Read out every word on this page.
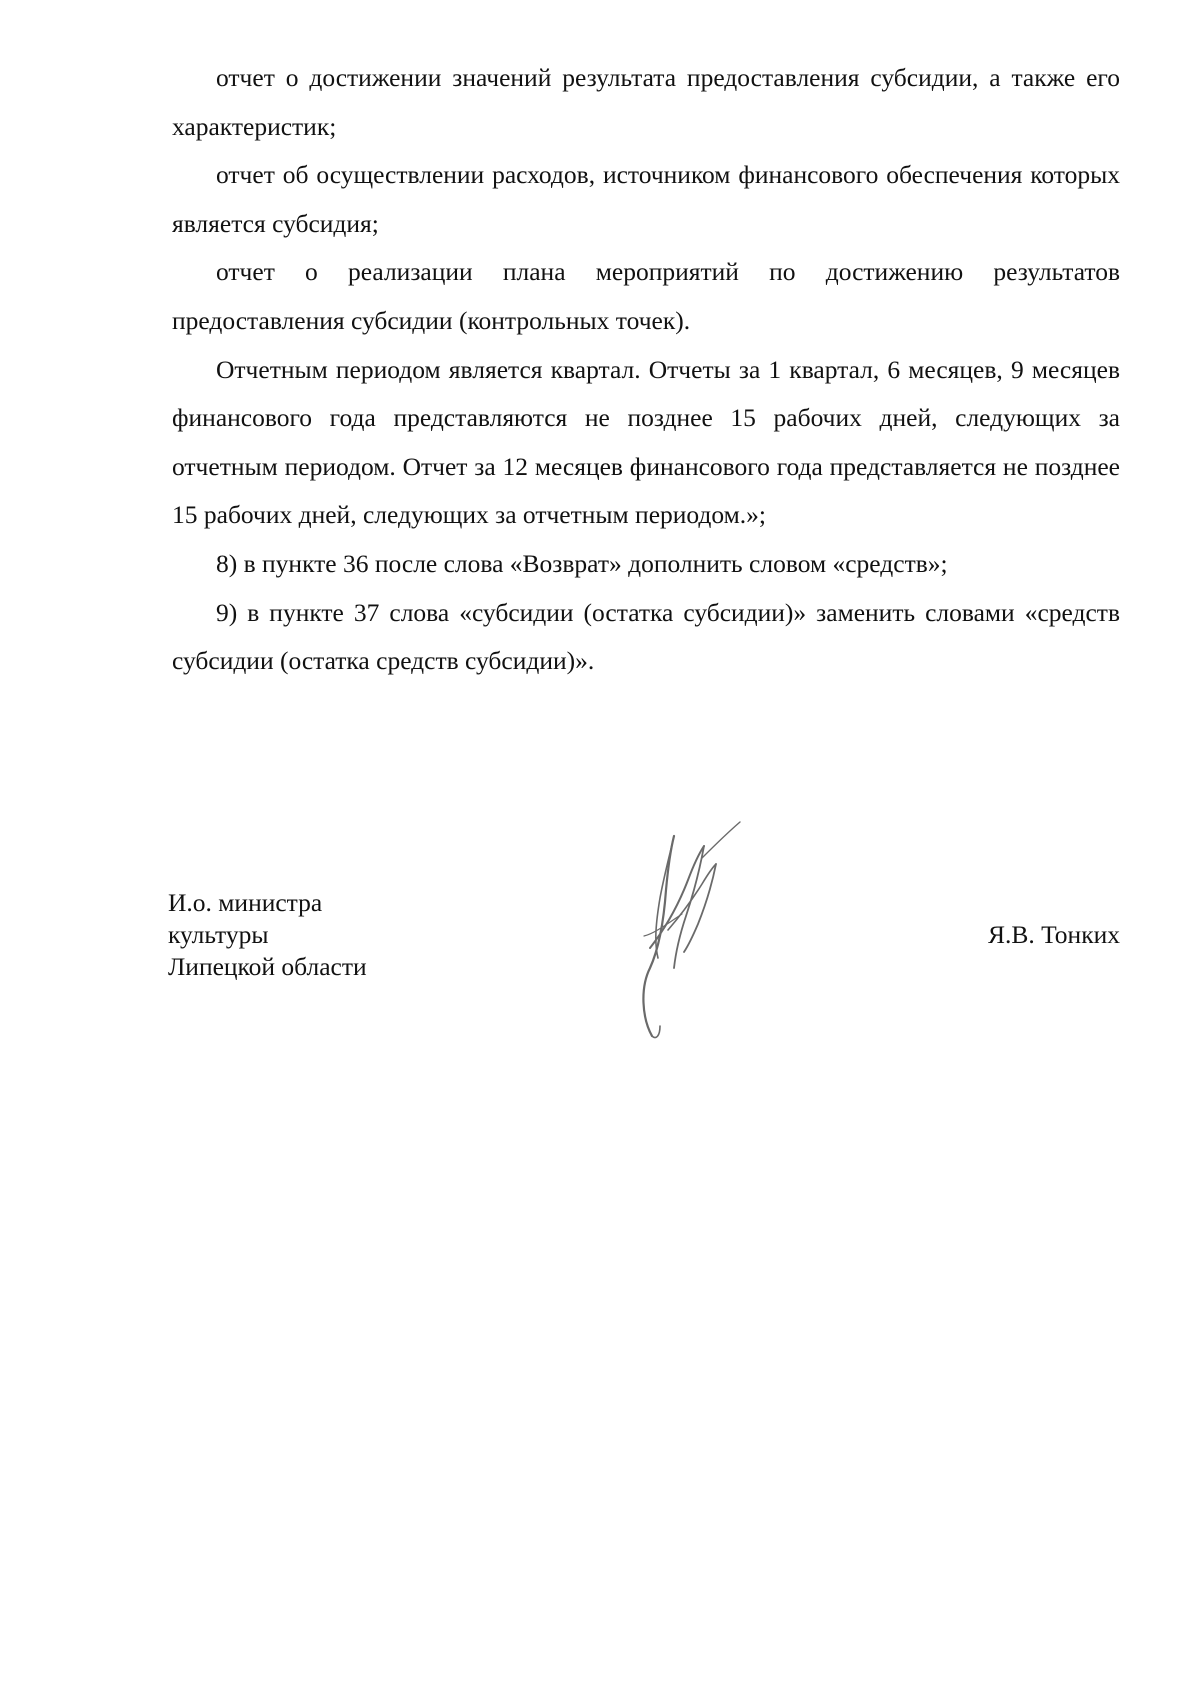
отчет о достижении значений результата предоставления субсидии, а также его характеристик;

отчет об осуществлении расходов, источником финансового обеспечения которых является субсидия;

отчет о реализации плана мероприятий по достижению результатов предоставления субсидии (контрольных точек).

Отчетным периодом является квартал. Отчеты за 1 квартал, 6 месяцев, 9 месяцев финансового года представляются не позднее 15 рабочих дней, следующих за отчетным периодом. Отчет за 12 месяцев финансового года представляется не позднее 15 рабочих дней, следующих за отчетным периодом.»;

8) в пункте 36 после слова «Возврат» дополнить словом «средств»;

9) в пункте 37 слова «субсидии (остатка субсидии)» заменить словами «средств субсидии (остатка средств субсидии)».

И.о. министра
культуры
Липецкой области
Я.В. Тонких
